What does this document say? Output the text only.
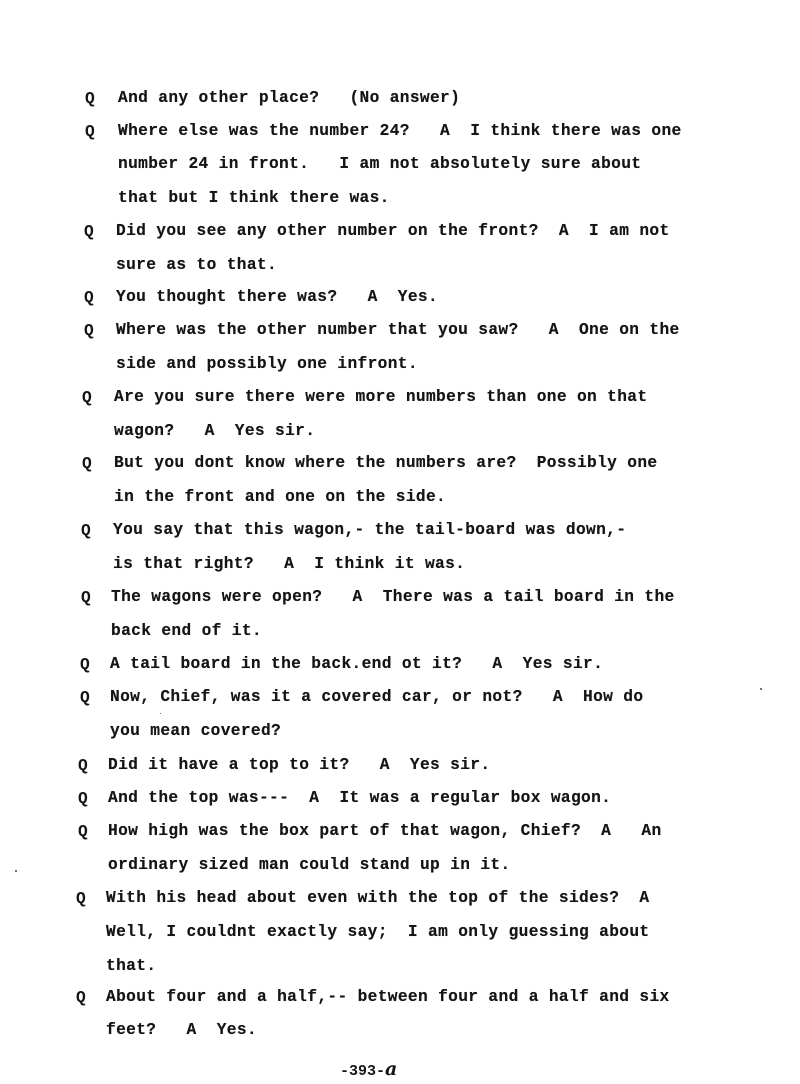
Q And any other place?   (No answer)
Q Where else was the number 24?   A  I think there was one
number 24 in front.   I am not absolutely sure about
that but I think there was.
Q Did you see any other number on the front?  A  I am not
sure as to that.
Q You thought there was?   A  Yes.
Q Where was the other number that you saw?   A  One on the
side and possibly one infront.
Q Are you sure there were more numbers than one on that
wagon?   A  Yes sir.
Q But you dont know where the numbers are?  Possibly one
in the front and one on the side.
Q You say that this wagon,- the tail-board was down,-
is that right?   A  I think it was.
Q The wagons were open?   A  There was a tail board in the
back end of it.
Q A tail board in the back.end ot it?   A  Yes sir.
Q Now, Chief, was it a covered car, or not?   A  How do
you mean covered?
Q Did it have a top to it?   A  Yes sir.
Q And the top was---  A  It was a regular box wagon.
Q How high was the box part of that wagon, Chief?  A   An
ordinary sized man could stand up in it.
Q With his head about even with the top of the sides?  A
Well, I couldnt exactly say;  I am only guessing about
that.
Q About four and a half,-- between four and a half and six
feet?   A  Yes.
-393-a
